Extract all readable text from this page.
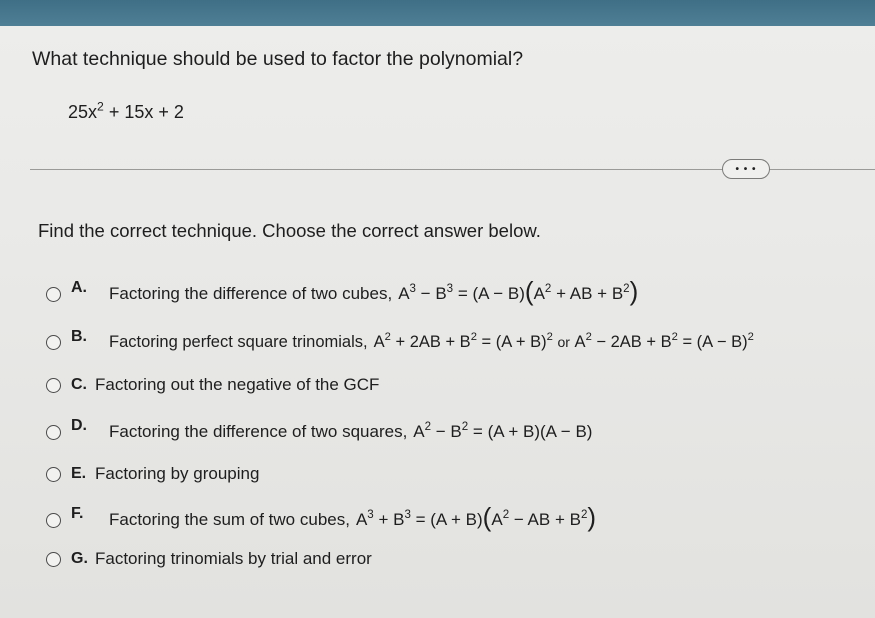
What technique should be used to factor the polynomial?
$25x^2 + 15x + 2$
• • •
Find the correct technique. Choose the correct answer below.
A.	Factoring the difference of two cubes, $A^3 - B^3 = (A - B)(A^2$ + AB + $B^2$)
B.	Factoring perfect square trinomials, $A^2 + 2AB + B^2 = (A + B)^2$ or $A^2 - 2AB + B^2 = (A - B)^2$
C. Factoring out the negative of the GCF
D.	Factoring the difference of two squares, $A^2 - B^2 = (A + B)(A - B)$
E. Factoring by grouping
F.	Factoring the sum of two cubes, $A^3 + B^3 = (A + B)(A^2$ − AB + $B^2$)
G. Factoring trinomials by trial and error
